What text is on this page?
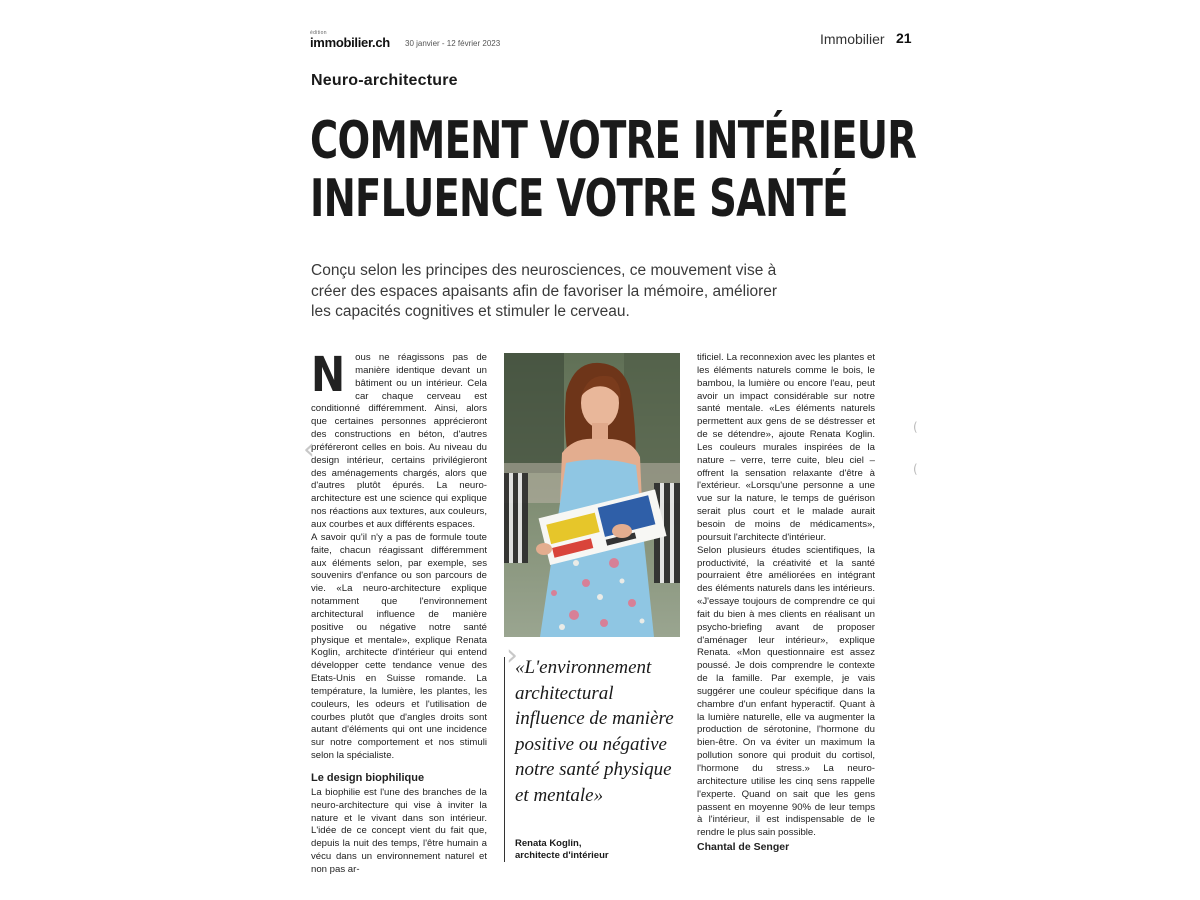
édition
immobilier.ch 30 janvier - 12 février 2023	Immobilier 21
Neuro-architecture
COMMENT VOTRE INTÉRIEUR
INFLUENCE VOTRE SANTÉ
Conçu selon les principes des neurosciences, ce mouvement vise à créer des espaces apaisants afin de favoriser la mémoire, améliorer les capacités cognitives et stimuler le cerveau.

N ous ne réagissons pas de manière identique devant un bâtiment ou un intérieur. Cela car chaque cerveau est conditionné différemment. Ainsi, alors que certaines personnes apprécieront des constructions en béton, d'autres préféreront celles en bois. Au niveau du design intérieur, certains privilégieront des aménagements chargés, alors que d'autres plutôt épurés. La neuro-architecture est une science qui explique nos réactions aux textures, aux couleurs, aux courbes et aux différents espaces.

A savoir qu'il n'y a pas de formule toute faite, chacun réagissant différemment aux éléments selon, par exemple, ses souvenirs d'enfance ou son parcours de vie. «La neuro-architecture explique notamment que l'environnement architectural influence de manière positive ou négative notre santé physique et mentale», explique Renata Koglin, architecte d'intérieur qui entend développer cette tendance venue des Etats-Unis en Suisse romande. La température, la lumière, les plantes, les couleurs, les odeurs et l'utilisation de courbes plutôt que d'angles droits sont autant d'éléments qui ont une incidence sur notre comportement et nos stimuli selon la spécialiste.

Le design biophilique

La biophilie est l'une des branches de la neuro-architecture qui vise à inviter la nature et le vivant dans son intérieur. L'idée de ce concept vient du fait que, depuis la nuit des temps, l'être humain a vécu dans un environnement naturel et non pas ar-

«L'environnement architectural influence de manière positive ou négative notre santé physique et mentale»
Renata Koglin,
architecte d'intérieur

tificiel. La reconnexion avec les plantes et les éléments naturels comme le bois, le bambou, la lumière ou encore l'eau, peut avoir un impact considérable sur notre santé mentale. «Les éléments naturels permettent aux gens de se déstresser et de se détendre», ajoute Renata Koglin. Les couleurs murales inspirées de la nature – verre, terre cuite, bleu ciel – offrent la sensation relaxante d'être à l'extérieur. «Lorsqu'une personne a une vue sur la nature, le temps de guérison serait plus court et le malade aurait besoin de moins de médicaments», poursuit l'architecte d'intérieur.

Selon plusieurs études scientifiques, la productivité, la créativité et la santé pourraient être améliorées en intégrant des éléments naturels dans les intérieurs. «J'essaye toujours de comprendre ce qui fait du bien à mes clients en réalisant un psycho-briefing avant de proposer d'aménager leur intérieur», explique Renata. «Mon questionnaire est assez poussé. Je dois comprendre le contexte de la famille. Par exemple, je vais suggérer une couleur spécifique dans la chambre d'un enfant hyperactif. Quant à la lumière naturelle, elle va augmenter la production de sérotonine, l'hormone du bien-être. On va éviter un maximum la pollution sonore qui produit du cortisol, l'hormone du stress.» La neuro-architecture utilise les cinq sens rappelle l'experte. Quand on sait que les gens passent en moyenne 90% de leur temps à l'intérieur, il est indispensable de le rendre le plus sain possible.

Chantal de Senger

‹
›
(
(
